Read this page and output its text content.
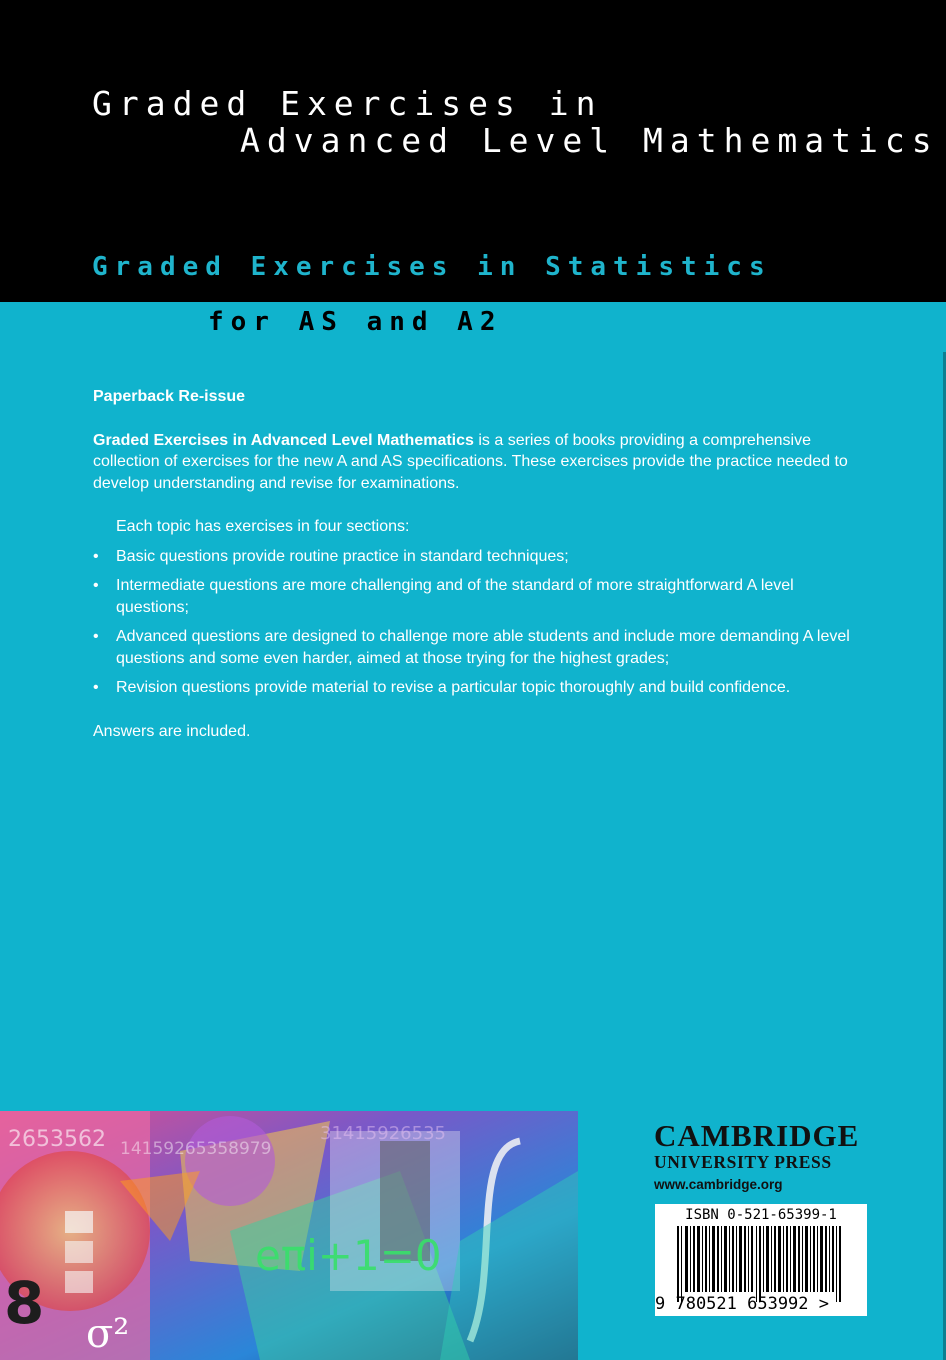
Graded Exercises in
Advanced Level Mathematics
Graded Exercises in Statistics
for AS and A2

Paperback Re-issue

Graded Exercises in Advanced Level Mathematics is a series of books providing a comprehensive collection of exercises for the new A and AS specifications. These exercises provide the practice needed to develop understanding and revise for examinations.

Each topic has exercises in four sections:

• Basic questions provide routine practice in standard techniques;
• Intermediate questions are more challenging and of the standard of more straightforward A level questions;
• Advanced questions are designed to challenge more able students and include more demanding A level questions and some even harder, aimed at those trying for the highest grades;
• Revision questions provide material to revise a particular topic thoroughly and build confidence.

Answers are included.

2653562 14159265358979
31415926535
eπi+1=0
8 σ²
CAMBRIDGE
UNIVERSITY PRESS
www.cambridge.org
ISBN 0-521-65399-1
9 780521 653992 >
